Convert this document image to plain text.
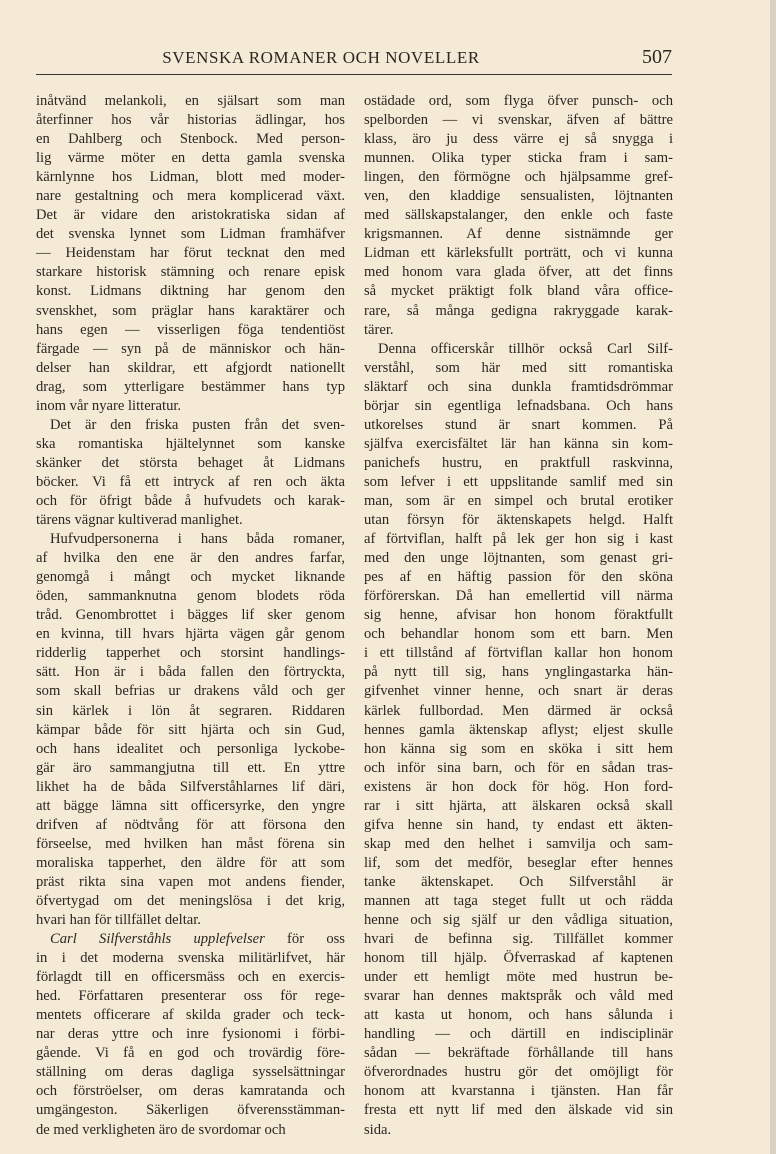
SVENSKA ROMANER OCH NOVELLER	507
inåtvänd melankoli, en själsart som man
återfinner hos vår historias ädlingar, hos
en Dahlberg och Stenbock. Med person-
lig värme möter en detta gamla svenska
kärnlynne hos Lidman, blott med moder-
nare gestaltning och mera komplicerad växt.
Det är vidare den aristokratiska sidan af
det svenska lynnet som Lidman framhäfver
— Heidenstam har förut tecknat den med
starkare historisk stämning och renare episk
konst. Lidmans diktning har genom den
svenskhet, som präglar hans karaktärer och
hans egen — visserligen föga tendentiöst
färgade — syn på de människor och hän-
delser han skildrar, ett afgjordt nationellt
drag, som ytterligare bestämmer hans typ
inom vår nyare litteratur.
Det är den friska pusten från det sven-
ska romantiska hjältelynnet som kanske
skänker det största behaget åt Lidmans
böcker. Vi få ett intryck af ren och äkta
och för öfrigt både å hufvudets och karak-
tärens vägnar kultiverad manlighet.
Hufvudpersonerna i hans båda romaner,
af hvilka den ene är den andres farfar,
genomgå i mångt och mycket liknande
öden, sammanknutna genom blodets röda
tråd. Genombrottet i bägges lif sker genom
en kvinna, till hvars hjärta vägen går genom
ridderlig tapperhet och storsint handlings-
sätt. Hon är i båda fallen den förtryckta,
som skall befrias ur drakens våld och ger
sin kärlek i lön åt segraren. Riddaren
kämpar både för sitt hjärta och sin Gud,
och hans idealitet och personliga lyckobe-
gär äro sammangjutna till ett. En yttre
likhet ha de båda Silfverståhlarnes lif däri,
att bägge lämna sitt officersyrke, den yngre
drifven af nödtvång för att försona den
förseelse, med hvilken han måst förena sin
moraliska tapperhet, den äldre för att som
präst rikta sina vapen mot andens fiender,
öfvertygad om det meningslösa i det krig,
hvari han för tillfället deltar.
Carl Silfverståhls upplefvelser för oss
in i det moderna svenska militärlifvet, här
förlagdt till en officersmäss och en exercis-
hed. Författaren presenterar oss för rege-
mentets officerare af skilda grader och teck-
nar deras yttre och inre fysionomi i förbi-
gående. Vi få en god och trovärdig före-
ställning om deras dagliga sysselsättningar
och förströelser, om deras kamratanda och
umgängeston. Säkerligen öfverensstämman-
de med verkligheten äro de svordomar och
ostädade ord, som flyga öfver punsch- och
spelborden — vi svenskar, äfven af bättre
klass, äro ju dess värre ej så snygga i
munnen. Olika typer sticka fram i sam-
lingen, den förmögne och hjälpsamme gref-
ven, den kladdige sensualisten, löjtnanten
med sällskapstalanger, den enkle och faste
krigsmannen. Af denne sistnämnde ger
Lidman ett kärleksfullt porträtt, och vi kunna
med honom vara glada öfver, att det finns
så mycket präktigt folk bland våra office-
rare, så många gedigna rakryggade karak-
tärer.
Denna officerskår tillhör också Carl Silf-
verståhl, som här med sitt romantiska
släktarf och sina dunkla framtidsdrömmar
börjar sin egentliga lefnadsbana. Och hans
utkorelses stund är snart kommen. På
själfva exercisfältet lär han känna sin kom-
panichefs hustru, en praktfull raskvinna,
som lefver i ett uppslitande samlif med sin
man, som är en simpel och brutal erotiker
utan försyn för äktenskapets helgd. Halft
af förtviflan, halft på lek ger hon sig i kast
med den unge löjtnanten, som genast gri-
pes af en häftig passion för den sköna
förförerskan. Då han emellertid vill närma
sig henne, afvisar hon honom föraktfullt
och behandlar honom som ett barn. Men
i ett tillstånd af förtviflan kallar hon honom
på nytt till sig, hans ynglingastarka hän-
gifvenhet vinner henne, och snart är deras
kärlek fullbordad. Men därmed är också
hennes gamla äktenskap aflyst; eljest skulle
hon känna sig som en sköka i sitt hem
och inför sina barn, och för en sådan tras-
existens är hon dock för hög. Hon ford-
rar i sitt hjärta, att älskaren också skall
gifva henne sin hand, ty endast ett äkten-
skap med den helhet i samvilja och sam-
lif, som det medför, beseglar efter hennes
tanke äktenskapet. Och Silfverståhl är
mannen att taga steget fullt ut och rädda
henne och sig själf ur den vådliga situation,
hvari de befinna sig. Tillfället kommer
honom till hjälp. Öfverraskad af kaptenen
under ett hemligt möte med hustrun be-
svarar han dennes maktspråk och våld med
att kasta ut honom, och hans sålunda i
handling — och därtill en indisciplinär
sådan — bekräftade förhållande till hans
öfverordnades hustru gör det omöjligt för
honom att kvarstanna i tjänsten. Han får
fresta ett nytt lif med den älskade vid sin
sida.
